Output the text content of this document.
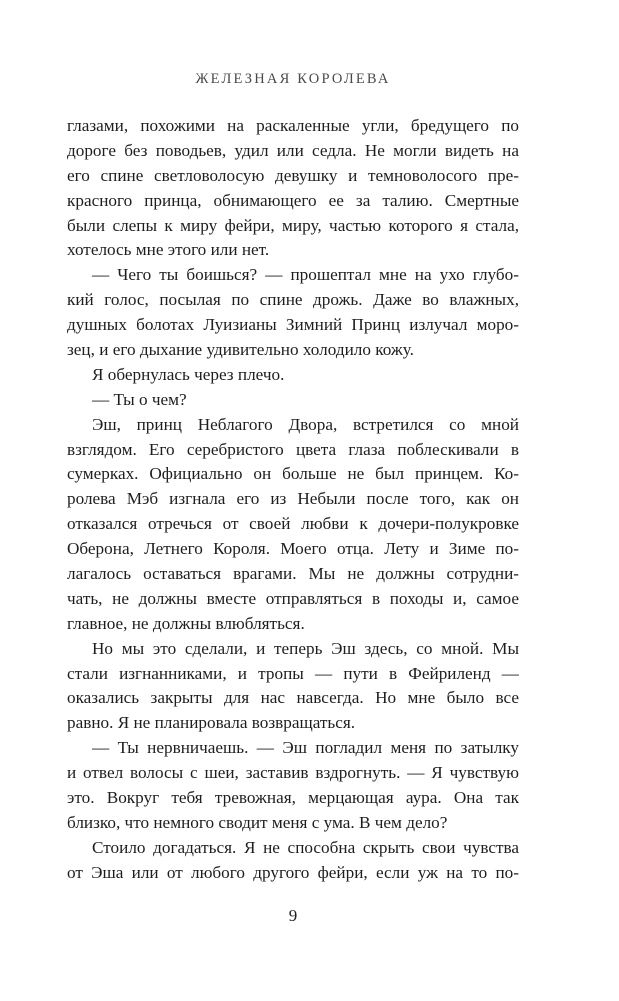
ЖЕЛЕЗНАЯ КОРОЛЕВА
глазами, похожими на раскаленные угли, бредущего по
дороге без поводьев, удил или седла. Не могли видеть на
его спине светловолосую девушку и темноволосого пре-
красного принца, обнимающего ее за талию. Смертные
были слепы к миру фейри, миру, частью которого я стала,
хотелось мне этого или нет.
— Чего ты боишься? — прошептал мне на ухо глубо-
кий голос, посылая по спине дрожь. Даже во влажных,
душных болотах Луизианы Зимний Принц излучал моро-
зец, и его дыхание удивительно холодило кожу.
Я обернулась через плечо.
— Ты о чем?
Эш, принц Неблагого Двора, встретился со мной
взглядом. Его серебристого цвета глаза поблескивали в
сумерках. Официально он больше не был принцем. Ко-
ролева Мэб изгнала его из Небыли после того, как он
отказался отречься от своей любви к дочери-полукровке
Оберона, Летнего Короля. Моего отца. Лету и Зиме по-
лагалось оставаться врагами. Мы не должны сотрудни-
чать, не должны вместе отправляться в походы и, самое
главное, не должны влюбляться.
Но мы это сделали, и теперь Эш здесь, со мной. Мы
стали изгнанниками, и тропы — пути в Фейриленд —
оказались закрыты для нас навсегда. Но мне было все
равно. Я не планировала возвращаться.
— Ты нервничаешь. — Эш погладил меня по затылку
и отвел волосы с шеи, заставив вздрогнуть. — Я чувствую
это. Вокруг тебя тревожная, мерцающая аура. Она так
близко, что немного сводит меня с ума. В чем дело?
Стоило догадаться. Я не способна скрыть свои чувства
от Эша или от любого другого фейри, если уж на то по-
9
